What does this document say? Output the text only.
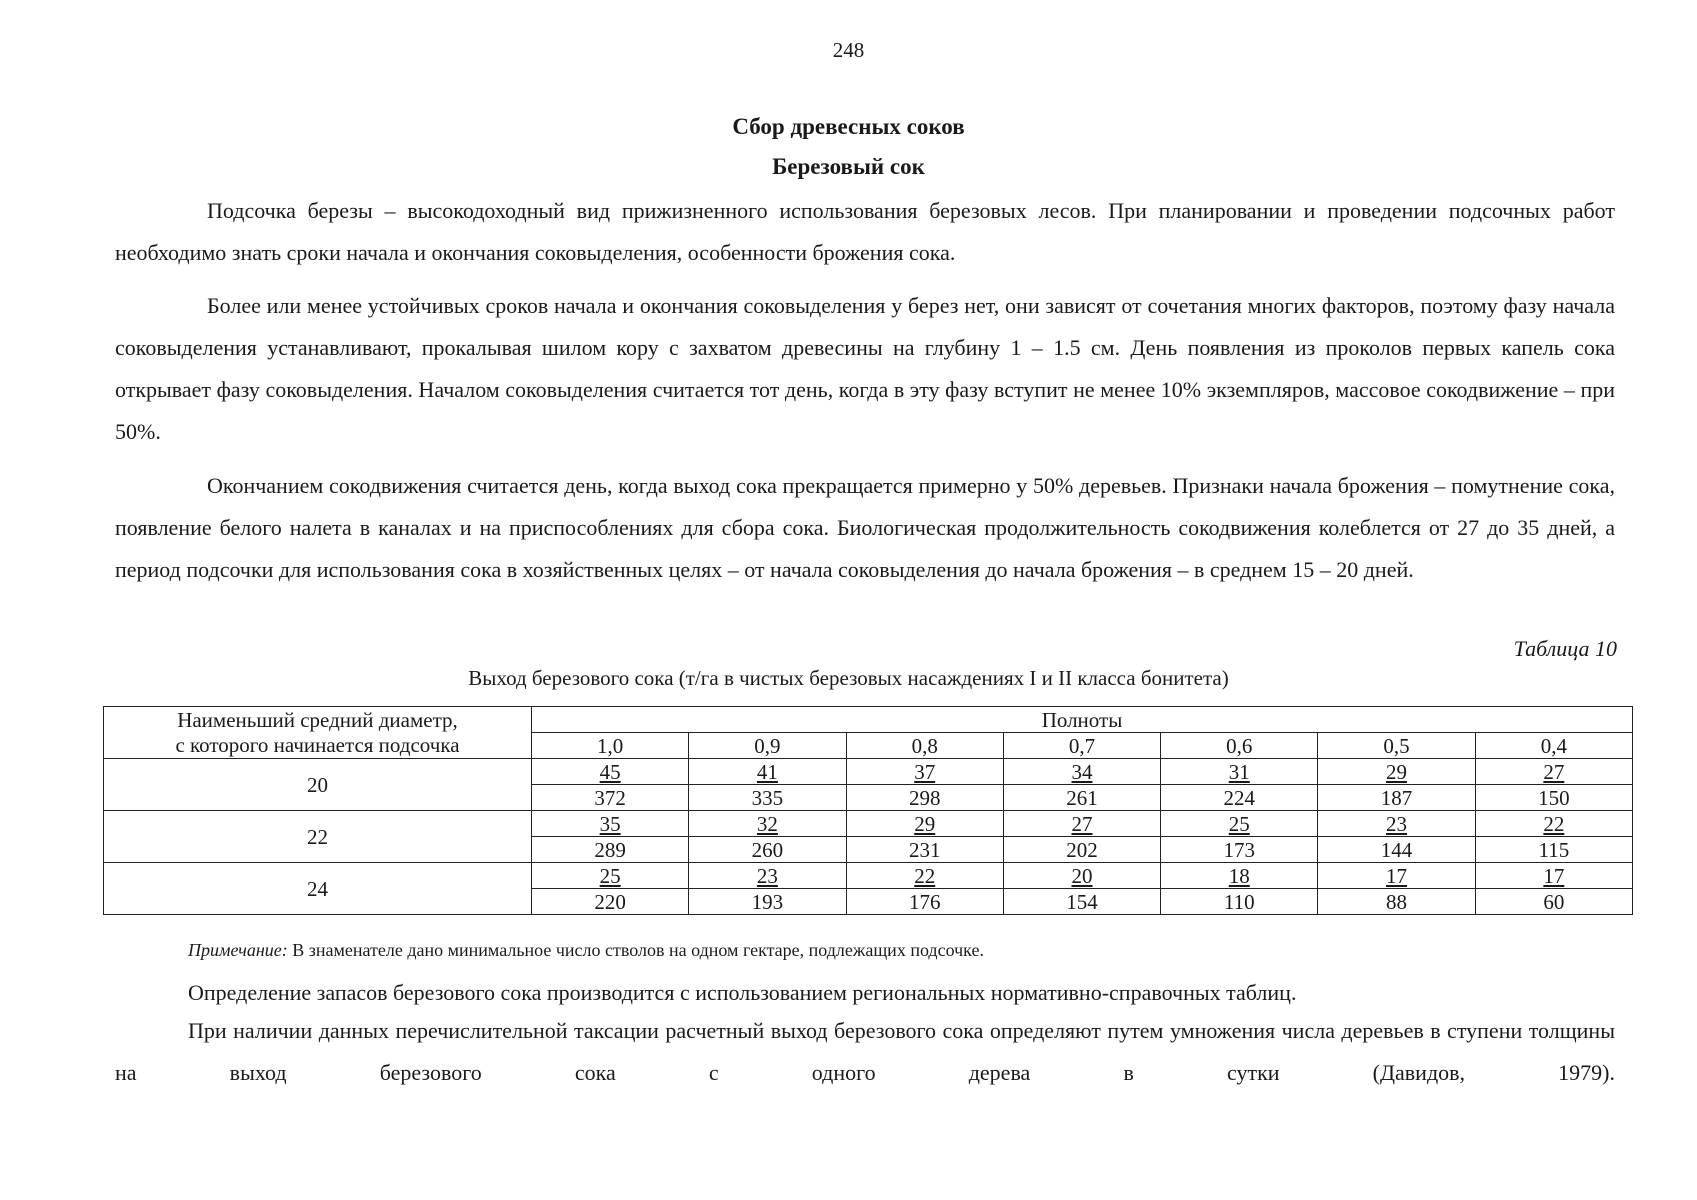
248
Сбор древесных соков
Березовый сок

Подсочка березы – высокодоходный вид прижизненного использования березовых лесов. При планировании и проведении подсочных работ необходимо знать сроки начала и окончания соковыделения, особенности брожения сока.

Более или менее устойчивых сроков начала и окончания соковыделения у берез нет, они зависят от сочетания многих факторов, поэтому фазу начала соковыделения устанавливают, прокалывая шилом кору с захватом древесины на глубину 1 – 1.5 см. День появления из проколов первых капель сока открывает фазу соковыделения. Началом соковыделения считается тот день, когда в эту фазу вступит не менее 10% экземпляров, массовое сокодвижение – при 50%.

Окончанием сокодвижения считается день, когда выход сока прекращается примерно у 50% деревьев. Признаки начала брожения – помутнение сока, появление белого налета в каналах и на приспособлениях для сбора сока. Биологическая продолжительность сокодвижения колеблется от 27 до 35 дней, а период подсочки для использования сока в хозяйственных целях – от начала соковыделения до начала брожения – в среднем 15 – 20 дней.

Таблица 10
Выход березового сока (т/га в чистых березовых насаждениях I и II класса бонитета)
Наименьший средний диаметр,
с которого начинается подсочка	Полноты						
	1,0	0,9	0,8	0,7	0,6	0,5	0,4
20	45	41	37	34	31	29	27
	372	335	298	261	224	187	150
22	35	32	29	27	25	23	22
	289	260	231	202	173	144	115
24	25	23	22	20	18	17	17
	220	193	176	154	110	88	60
Примечание: В знаменателе дано минимальное число стволов на одном гектаре, подлежащих подсочке.

Определение запасов березового сока производится с использованием региональных нормативно-справочных таблиц.

При наличии данных перечислительной таксации расчетный выход березового сока определяют путем умножения числа деревьев в ступени толщины на выход березового сока с одного дерева в сутки (Давидов, 1979).
